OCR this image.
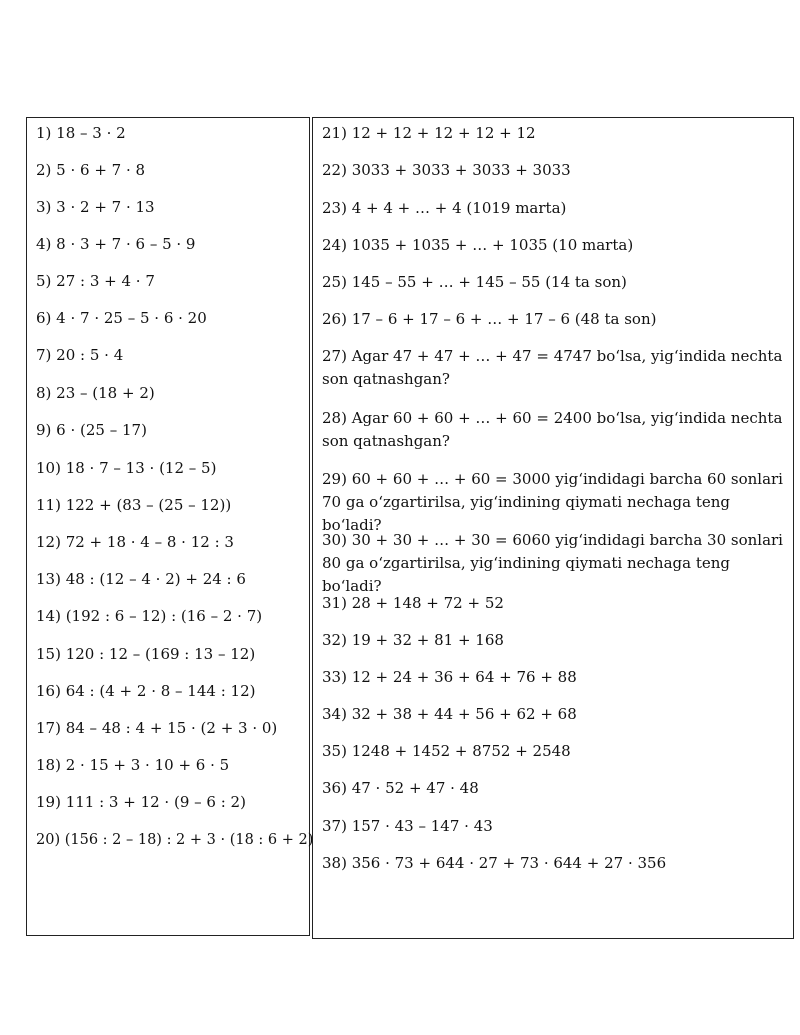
1) 18 – 3 · 2
2) 5 · 6 + 7 · 8
3) 3 · 2 + 7 · 13
4) 8 · 3 + 7 · 6 – 5 · 9
5) 27 : 3 + 4 · 7
6) 4 · 7 · 25 – 5 · 6 · 20
7) 20 : 5 · 4
8) 23 – (18 + 2)
9) 6 · (25 – 17)
10) 18 · 7 – 13 · (12 – 5)
11) 122 + (83 – (25 – 12))
12) 72 + 18 · 4 – 8 · 12 : 3
13) 48 : (12 – 4 · 2) + 24 : 6
14) (192 : 6 – 12) : (16 – 2 · 7)
15) 120 : 12 – (169 : 13 – 12)
16) 64 : (4 + 2 · 8 – 144 : 12)
17) 84 – 48 : 4 + 15 · (2 + 3 · 0)
18) 2 · 15 + 3 · 10 + 6 · 5
19) 111 : 3 + 12 · (9 – 6 : 2)
20) (156 : 2 – 18) : 2 + 3 · (18 : 6 + 2)
21) 12 + 12 + 12 + 12 + 12
22) 3033 + 3033 + 3033 + 3033
23) 4 + 4 + … + 4 (1019 marta)
24) 1035 + 1035 + … + 1035 (10 marta)
25) 145 – 55 + … + 145 – 55 (14 ta son)
26) 17 – 6 + 17 – 6 + … + 17 – 6 (48 ta son)
27) Agar 47 + 47 + … + 47 = 4747 bo‘lsa, yig‘indida nechta son qatnashgan?
28) Agar 60 + 60 + … + 60 = 2400 bo‘lsa, yig‘indida nechta son qatnashgan?
29) 60 + 60 + … + 60 = 3000 yig‘indidagi barcha 60 sonlari 70 ga o‘zgartirilsa, yig‘indining qiymati nechaga teng bo‘ladi?
30) 30 + 30 + … + 30 = 6060 yig‘indidagi barcha 30 sonlari 80 ga o‘zgartirilsa, yig‘indining qiymati nechaga teng bo‘ladi?
31) 28 + 148 + 72 + 52
32) 19 + 32 + 81 + 168
33) 12 + 24 + 36 + 64 + 76 + 88
34) 32 + 38 + 44 + 56 + 62 + 68
35) 1248 + 1452 + 8752 + 2548
36) 47 · 52 + 47 · 48
37) 157 · 43 – 147 · 43
38) 356 · 73 + 644 · 27 + 73 · 644 + 27 · 356
